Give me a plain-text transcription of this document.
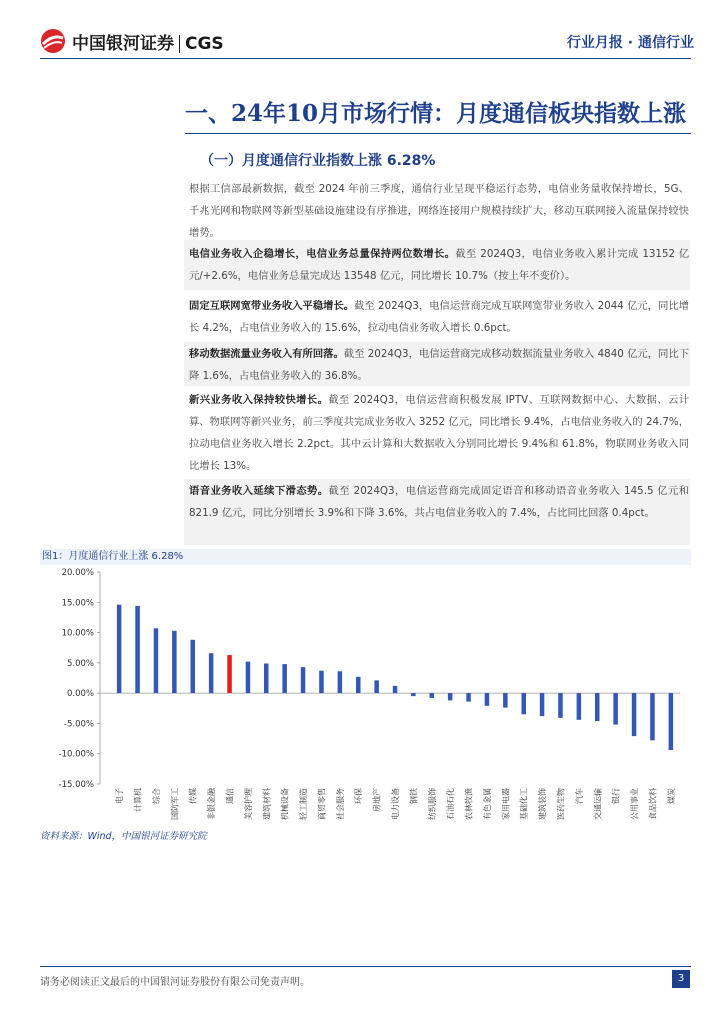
中国银河证券 CGS	行业月报 · 通信行业
一、24年10月市场行情：月度通信板块指数上涨
（一）月度通信行业指数上涨 6.28%
根据工信部最新数据，截至 2024 年前三季度，通信行业呈现平稳运行态势，电信业务量收保持增长，5G、千兆光网和物联网等新型基础设施建设有序推进，网络连接用户规模持续扩大，移动互联网接入流量保持较快增势。
电信业务收入企稳增长，电信业务总量保持两位数增长。截至 2024Q3，电信业务收入累计完成 13152 亿元/+2.6%，电信业务总量完成达 13548 亿元，同比增长 10.7%（按上年不变价）。
固定互联网宽带业务收入平稳增长。截至 2024Q3，电信运营商完成互联网宽带业务收入 2044 亿元，同比增长 4.2%，占电信业务收入的 15.6%，拉动电信业务收入增长 0.6pct。
移动数据流量业务收入有所回落。截至 2024Q3，电信运营商完成移动数据流量业务收入 4840 亿元，同比下降 1.6%，占电信业务收入的 36.8%。
新兴业务收入保持较快增长。截至 2024Q3，电信运营商积极发展 IPTV、互联网数据中心、大数据、云计算、物联网等新兴业务，前三季度共完成业务收入 3252 亿元，同比增长 9.4%，占电信业务收入的 24.7%，拉动电信业务收入增长 2.2pct。其中云计算和大数据收入分别同比增长 9.4%和 61.8%，物联网业务收入同比增长 13%。
语音业务收入延续下滑态势。截至 2024Q3，电信运营商完成固定语音和移动语音业务收入 145.5 亿元和 821.9 亿元，同比分别增长 3.9%和下降 3.6%，共占电信业务收入的 7.4%，占比同比回落 0.4pct。
图1：月度通信行业上涨 6.28%
20.00%
15.00%
10.00%
5.00%
0.00%
-5.00%
-10.00%
-15.00%
电子 计算机 综合 国防军工 传媒 非银金融 通信 美容护理 建筑材料 机械设备 轻工制造 商贸零售 社会服务 环保 房地产 电力设备 钢铁 纺织服饰 石油石化 农林牧渔 有色金属 家用电器 基础化工 建筑装饰 医药生物 汽车 交通运输 银行 公用事业 食品饮料 煤炭
资料来源：Wind，中国银河证券研究院
请务必阅读正文最后的中国银河证券股份有限公司免责声明。	3
